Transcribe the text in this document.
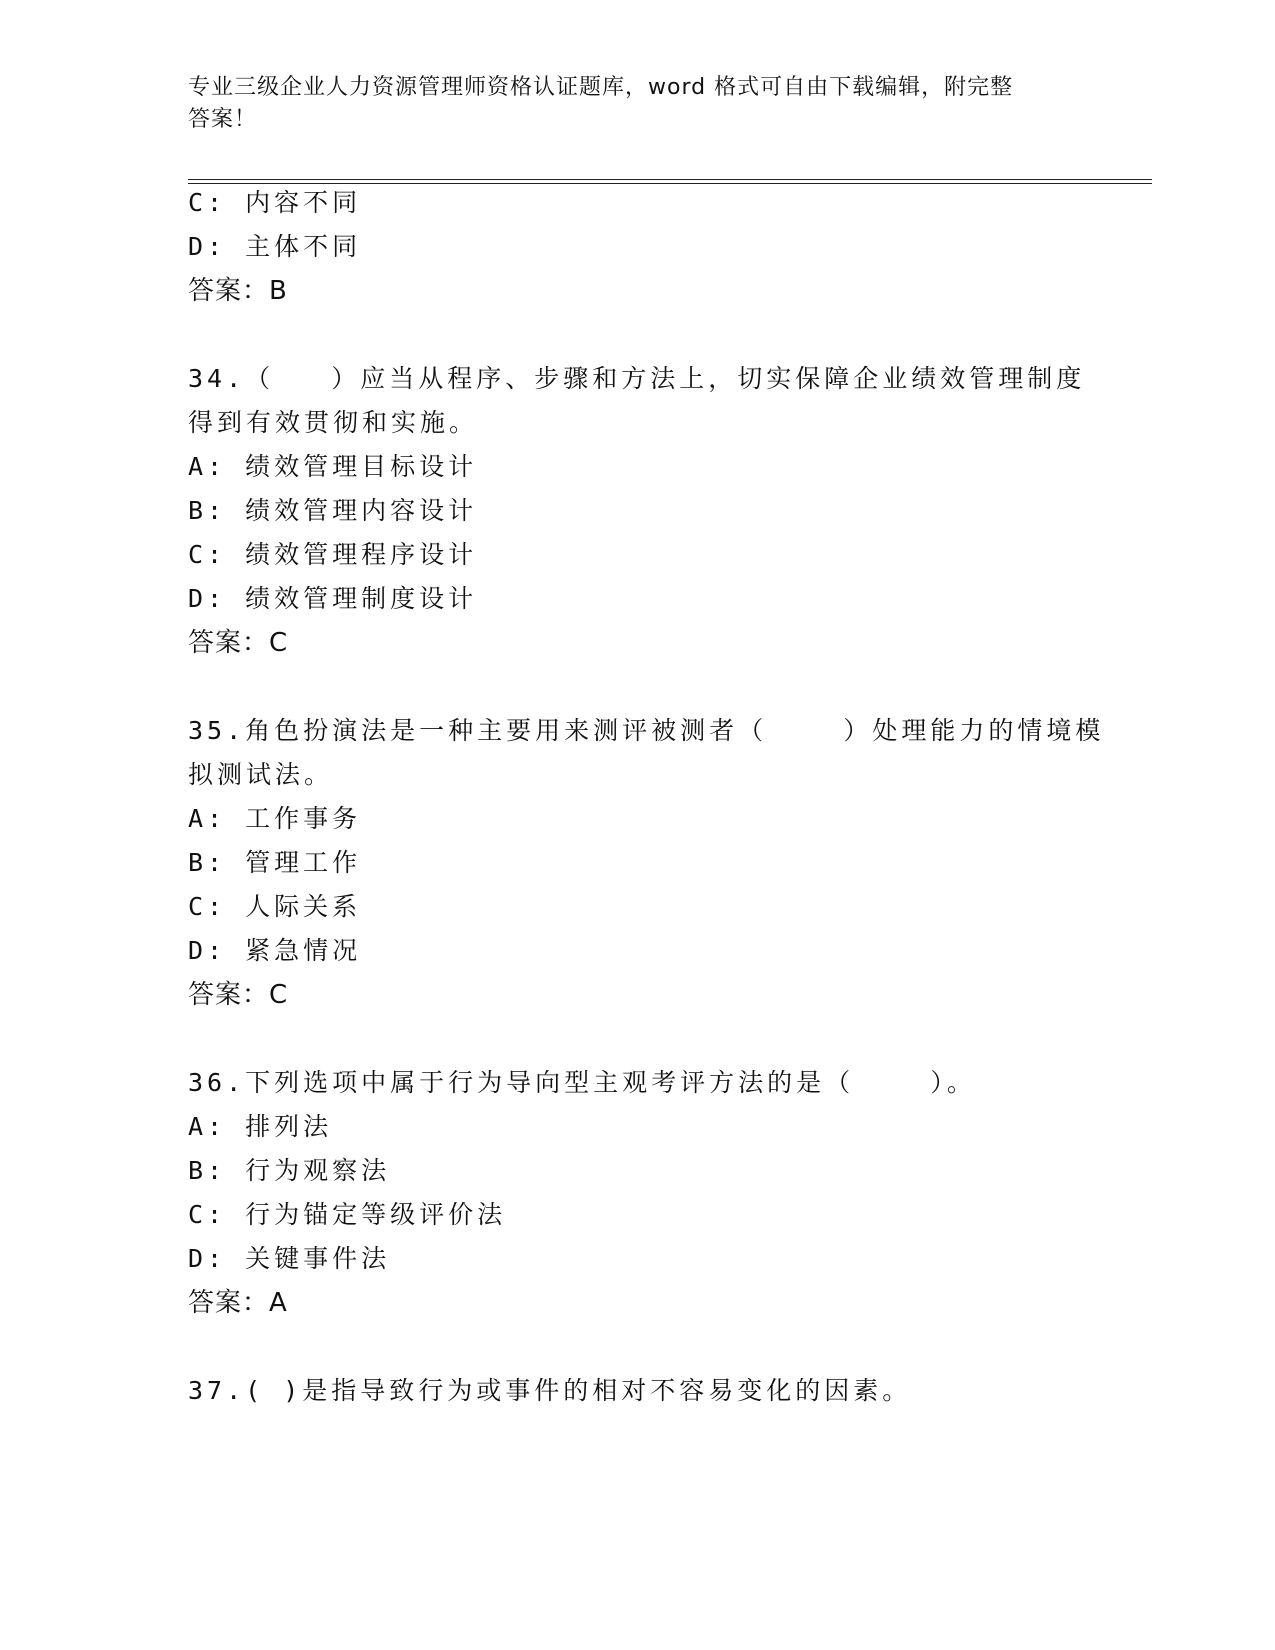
专业三级企业人力资源管理师资格认证题库，word 格式可自由下载编辑，附完整
答案！
C: 内容不同
D: 主体不同
答案：B
34.（   ）应当从程序、步骤和方法上，切实保障企业绩效管理制度
得到有效贯彻和实施。
A: 绩效管理目标设计
B: 绩效管理内容设计
C: 绩效管理程序设计
D: 绩效管理制度设计
答案：C
35.角色扮演法是一种主要用来测评被测者（    ）处理能力的情境模
拟测试法。
A: 工作事务
B: 管理工作
C: 人际关系
D: 紧急情况
答案：C
36.下列选项中属于行为导向型主观考评方法的是（    ）。
A: 排列法
B: 行为观察法
C: 行为锚定等级评价法
D: 关键事件法
答案：A
37.( )是指导致行为或事件的相对不容易变化的因素。
